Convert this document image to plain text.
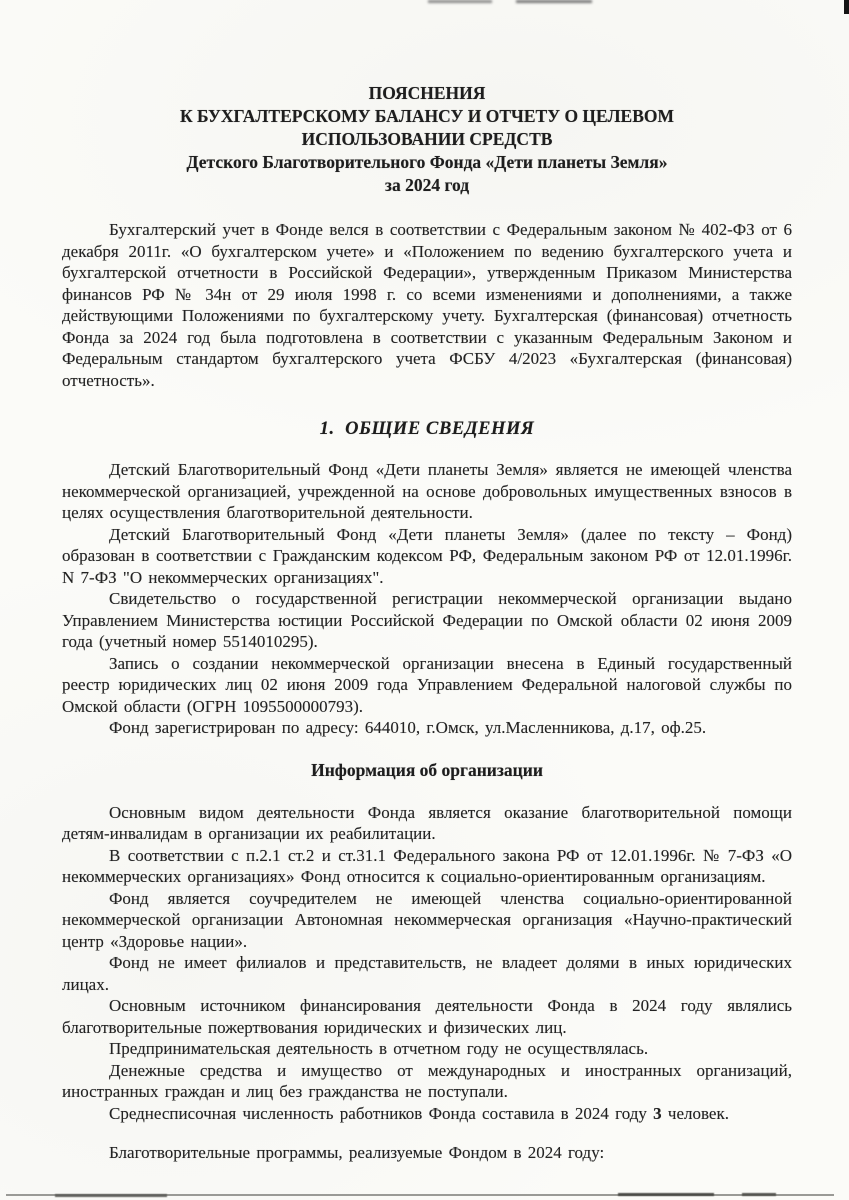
ПОЯСНЕНИЯ
К БУХГАЛТЕРСКОМУ БАЛАНСУ И ОТЧЕТУ О ЦЕЛЕВОМ
ИСПОЛЬЗОВАНИИ СРЕДСТВ
Детского Благотворительного Фонда «Дети планеты Земля»
за 2024 год

Бухгалтерский учет в Фонде велся в соответствии с Федеральным законом № 402-ФЗ от 6 декабря 2011г. «О бухгалтерском учете» и «Положением по ведению бухгалтерского учета и бухгалтерской отчетности в Российской Федерации», утвержденным Приказом Министерства финансов РФ № 34н от 29 июля 1998 г. со всеми изменениями и дополнениями, а также действующими Положениями по бухгалтерскому учету. Бухгалтерская (финансовая) отчетность Фонда за 2024 год была подготовлена в соответствии с указанным Федеральным Законом и Федеральным стандартом бухгалтерского учета ФСБУ 4/2023 «Бухгалтерская (финансовая) отчетность».

1.  ОБЩИЕ СВЕДЕНИЯ

Детский Благотворительный Фонд «Дети планеты Земля» является не имеющей членства некоммерческой организацией, учрежденной на основе добровольных имущественных взносов в целях осуществления благотворительной деятельности.

Детский Благотворительный Фонд «Дети планеты Земля» (далее по тексту – Фонд) образован в соответствии с Гражданским кодексом РФ, Федеральным законом РФ от 12.01.1996г. N 7-ФЗ "О некоммерческих организациях".

Свидетельство о государственной регистрации некоммерческой организации выдано Управлением Министерства юстиции Российской Федерации по Омской области 02 июня 2009 года (учетный номер 5514010295).

Запись о создании некоммерческой организации внесена в Единый государственный реестр юридических лиц 02 июня 2009 года Управлением Федеральной налоговой службы по Омской области (ОГРН 1095500000793).

Фонд зарегистрирован по адресу: 644010, г.Омск, ул.Масленникова, д.17, оф.25.

Информация об организации

Основным видом деятельности Фонда является оказание благотворительной помощи детям-инвалидам в организации их реабилитации.

В соответствии с п.2.1 ст.2 и ст.31.1 Федерального закона РФ от 12.01.1996г. № 7-ФЗ «О некоммерческих организациях» Фонд относится к социально-ориентированным организациям.

Фонд является соучредителем не имеющей членства социально-ориентированной некоммерческой организации Автономная некоммерческая организация «Научно-практический центр «Здоровье нации».

Фонд не имеет филиалов и представительств, не владеет долями в иных юридических лицах.

Основным источником финансирования деятельности Фонда в 2024 году являлись благотворительные пожертвования юридических и физических лиц.

Предпринимательская деятельность в отчетном году не осуществлялась.

Денежные средства и имущество от международных и иностранных организаций, иностранных граждан и лиц без гражданства не поступали.

Среднесписочная численность работников Фонда составила в 2024 году 3 человек.

Благотворительные программы, реализуемые Фондом в 2024 году:
